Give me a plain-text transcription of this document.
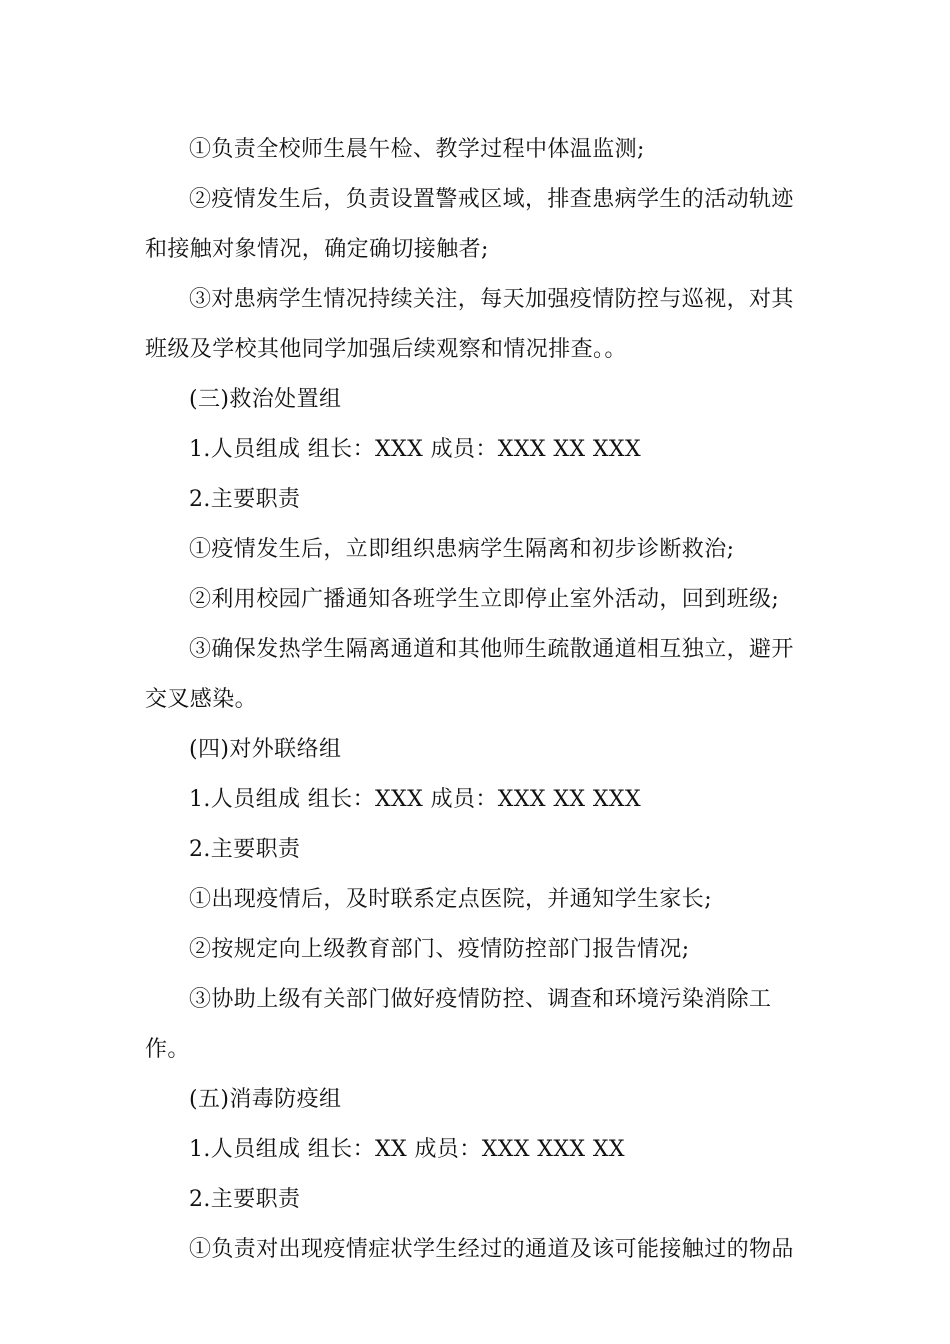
①负责全校师生晨午检、教学过程中体温监测;

②疫情发生后，负责设置警戒区域，排查患病学生的活动轨迹和接触对象情况，确定确切接触者;

③对患病学生情况持续关注，每天加强疫情防控与巡视，对其班级及学校其他同学加强后续观察和情况排查。。

(三)救治处置组

1.人员组成 组长：XXX 成员：XXX XX XXX

2.主要职责

①疫情发生后，立即组织患病学生隔离和初步诊断救治;

②利用校园广播通知各班学生立即停止室外活动，回到班级;

③确保发热学生隔离通道和其他师生疏散通道相互独立，避开交叉感染。

(四)对外联络组

1.人员组成 组长：XXX 成员：XXX XX XXX

2.主要职责

①出现疫情后，及时联系定点医院，并通知学生家长;

②按规定向上级教育部门、疫情防控部门报告情况;

③协助上级有关部门做好疫情防控、调查和环境污染消除工作。

(五)消毒防疫组

1.人员组成 组长：XX 成员：XXX XXX XX

2.主要职责

①负责对出现疫情症状学生经过的通道及该可能接触过的物品
